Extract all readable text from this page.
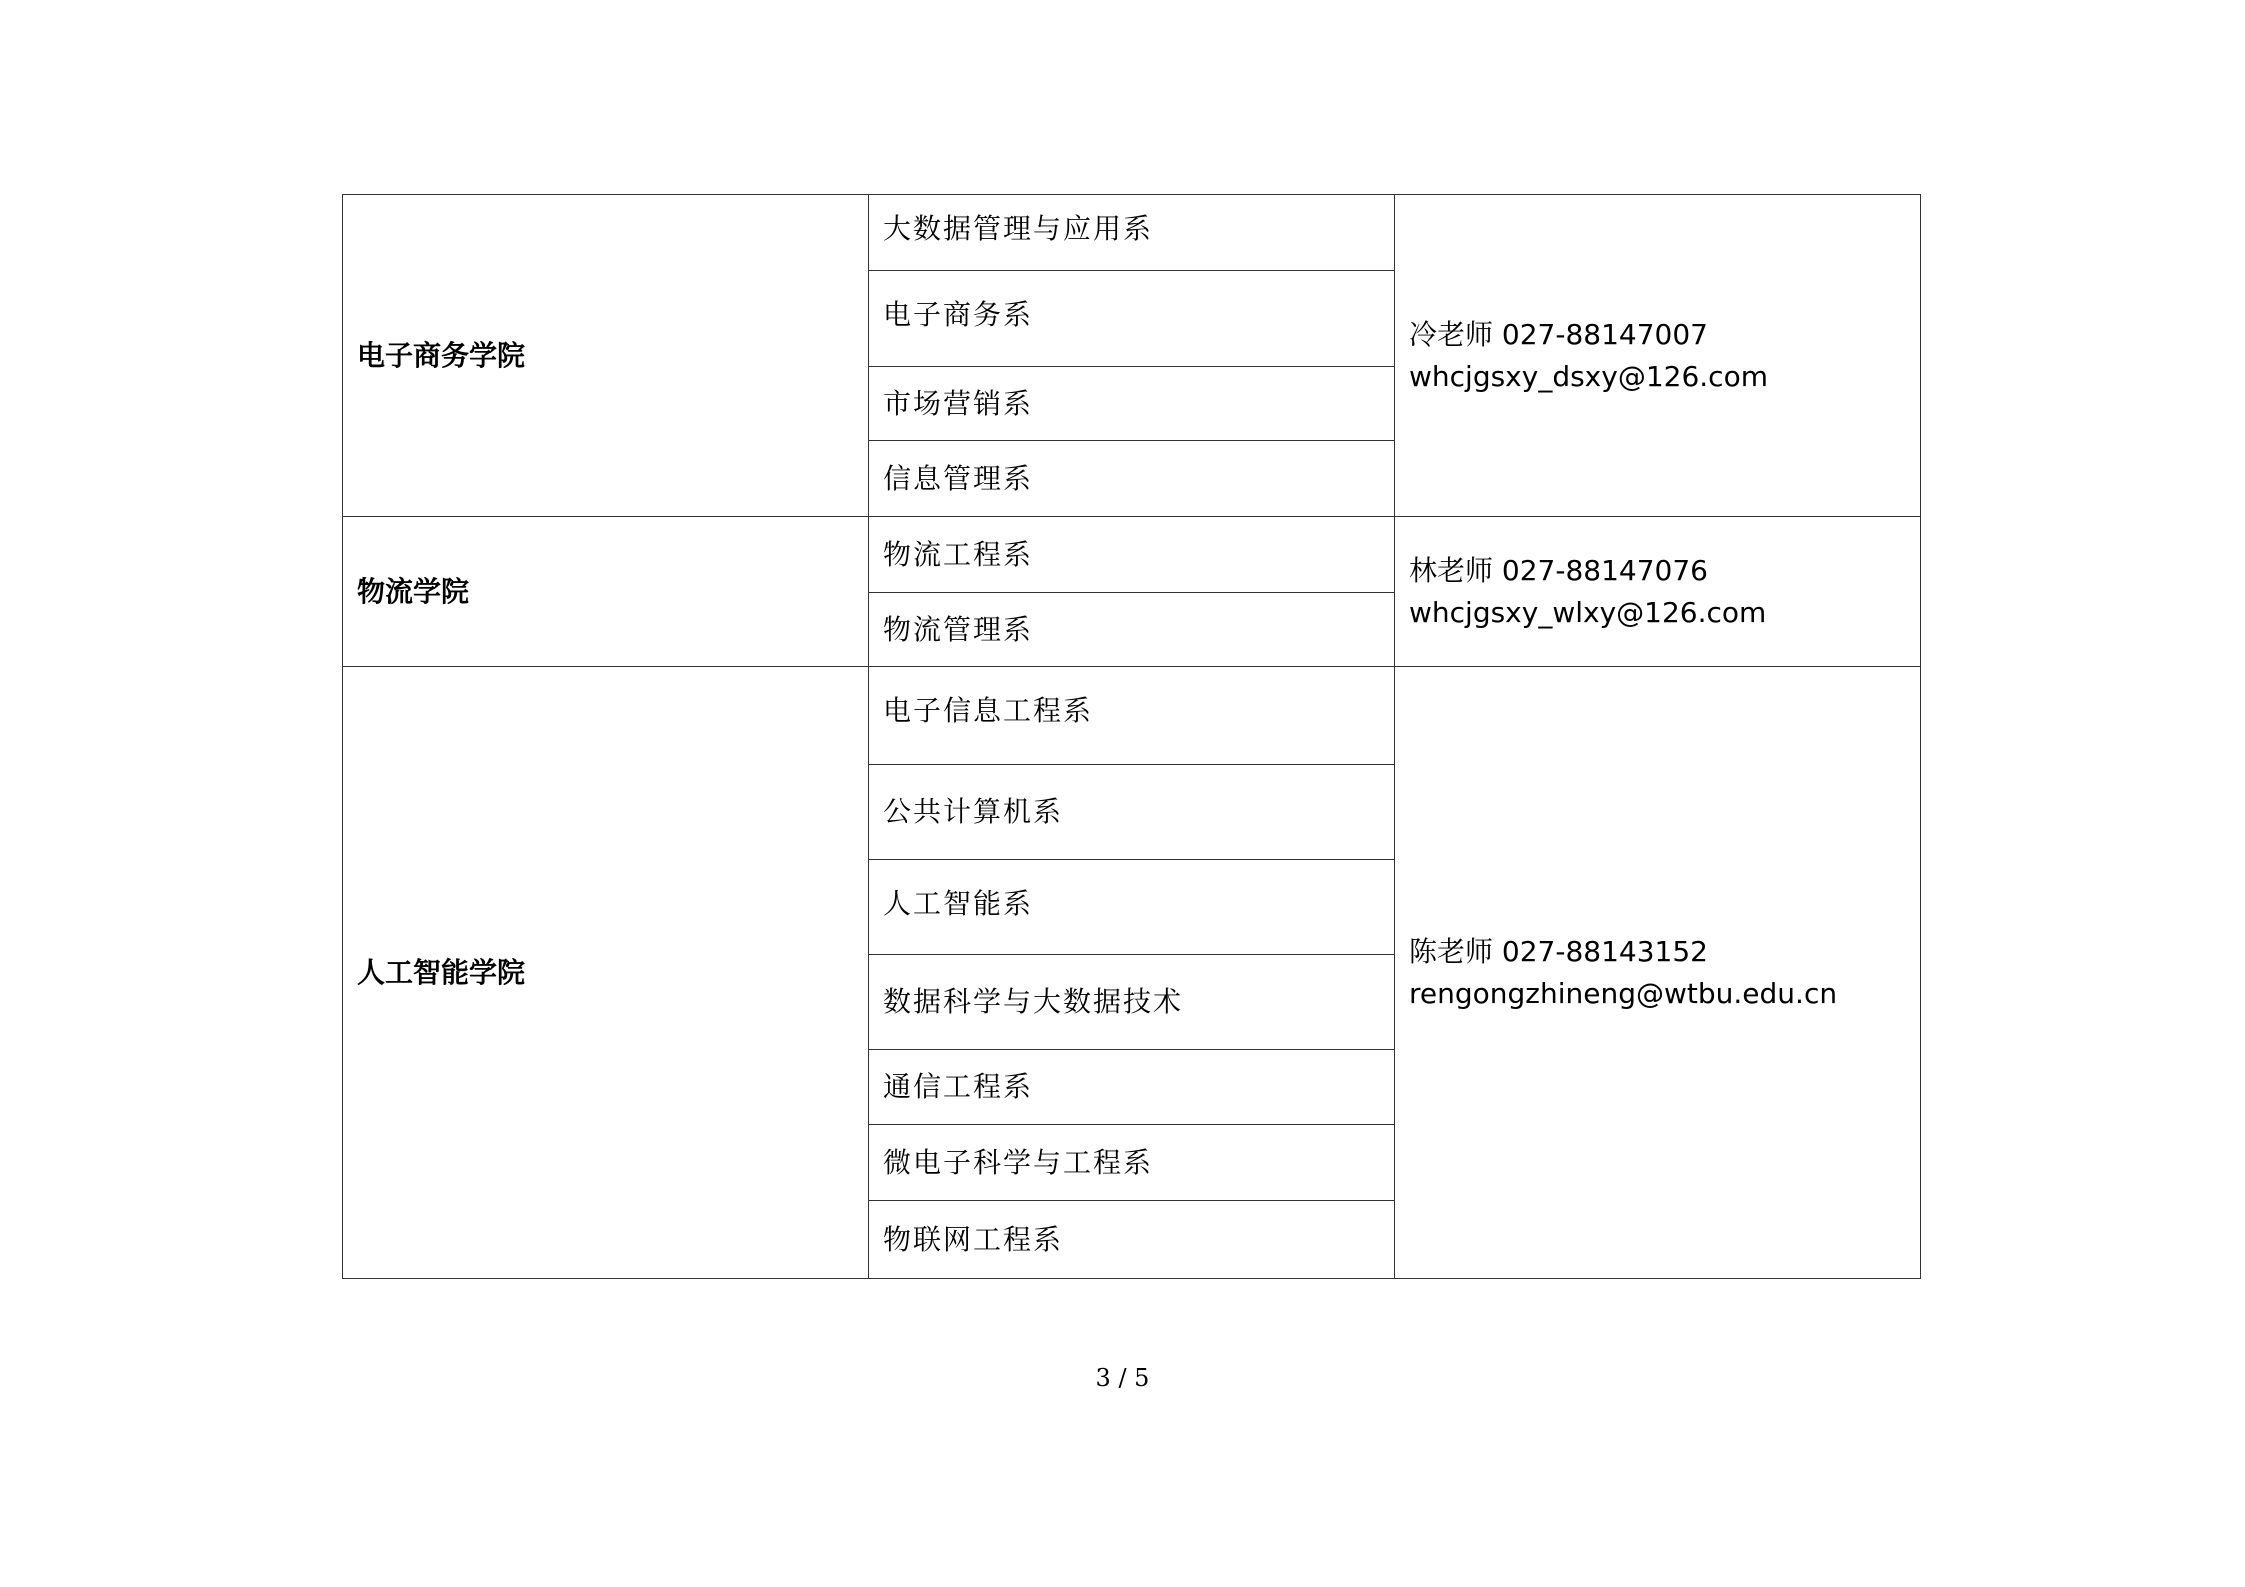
电子商务学院	大数据管理与应用系	冷老师 027-88147007
whcjgsxy_dsxy@126.com

	电子商务系	
	市场营销系	
	信息管理系	
物流学院	物流工程系	林老师 027-88147076
whcjgsxy_wlxy@126.com

	物流管理系	
人工智能学院	电子信息工程系	陈老师 027-88143152
rengongzhineng@wtbu.edu.cn

	公共计算机系	
	人工智能系	
	数据科学与大数据技术	
	通信工程系	
	微电子科学与工程系	
	物联网工程系	
3 / 5
